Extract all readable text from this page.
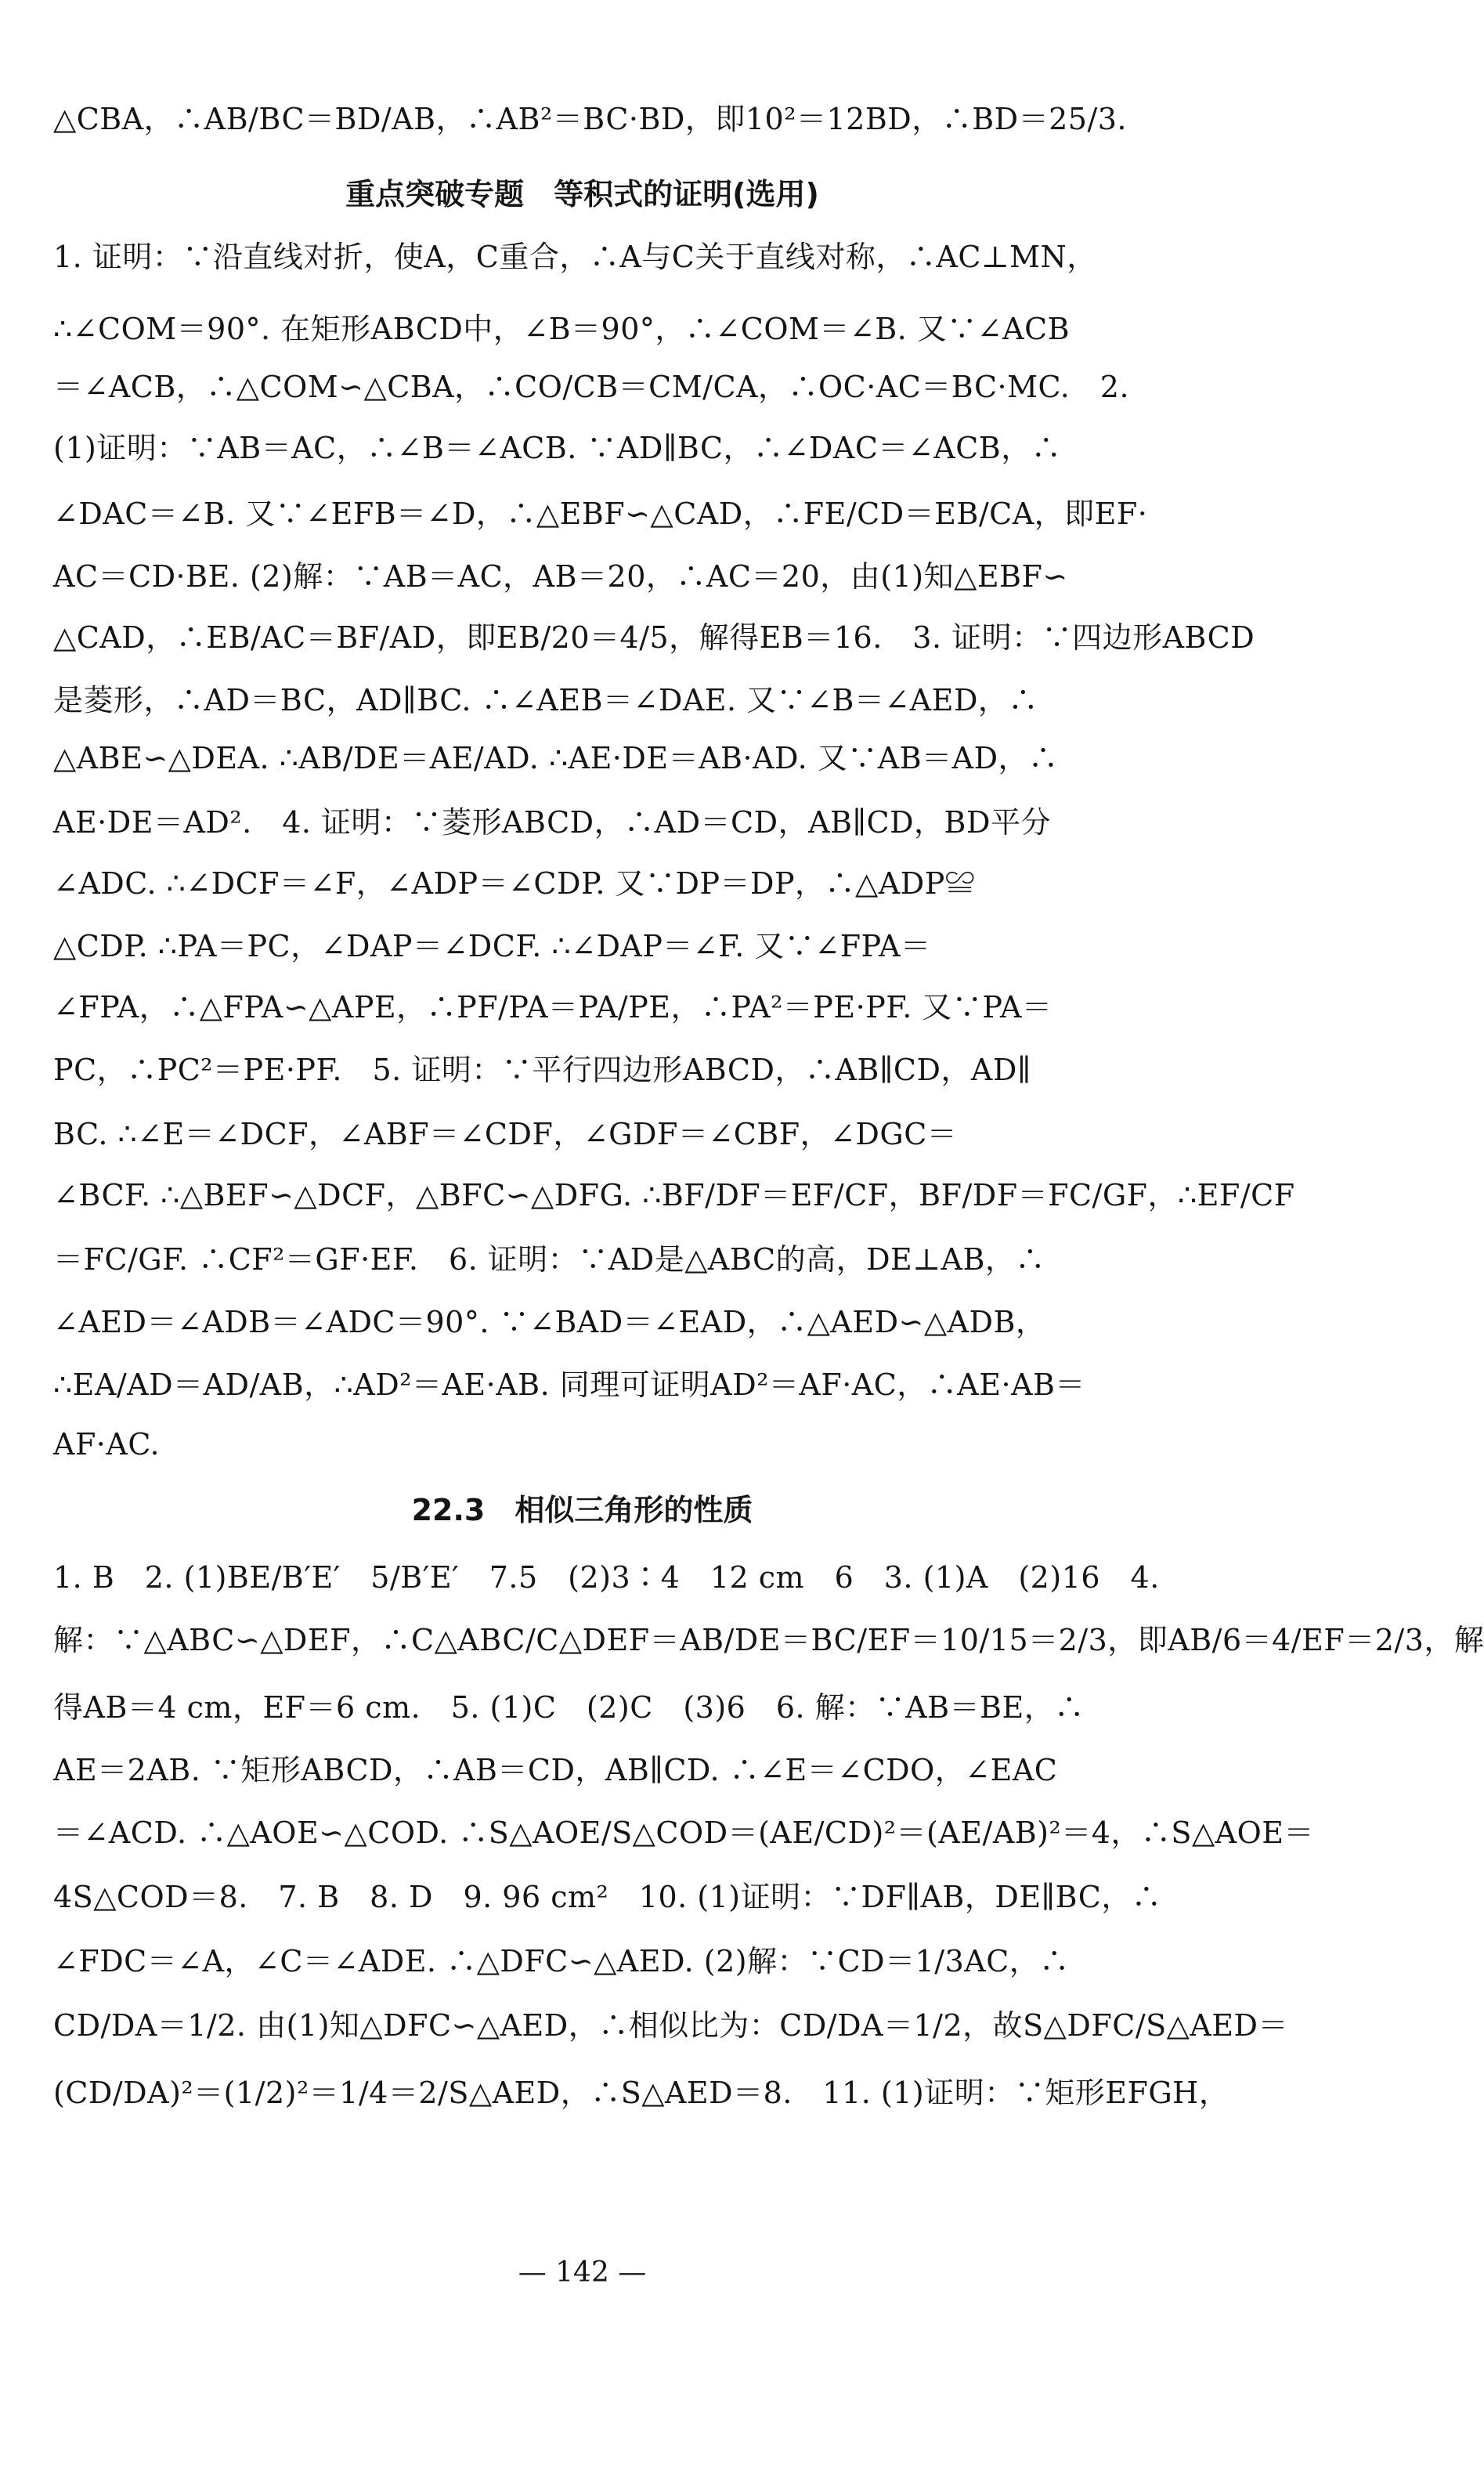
△CBA，∴AB/BC＝BD/AB，∴AB²＝BC·BD，即10²＝12BD，∴BD＝25/3.
重点突破专题　等积式的证明(选用)
1. 证明：∵沿直线对折，使A，C重合，∴A与C关于直线对称，∴AC⊥MN，
∴∠COM＝90°. 在矩形ABCD中，∠B＝90°，∴∠COM＝∠B. 又∵∠ACB
＝∠ACB，∴△COM∽△CBA，∴CO/CB＝CM/CA，∴OC·AC＝BC·MC.　2.
(1)证明：∵AB＝AC，∴∠B＝∠ACB. ∵AD∥BC，∴∠DAC＝∠ACB，∴
∠DAC＝∠B. 又∵∠EFB＝∠D，∴△EBF∽△CAD，∴FE/CD＝EB/CA，即EF·
AC＝CD·BE. (2)解：∵AB＝AC，AB＝20，∴AC＝20，由(1)知△EBF∽
△CAD，∴EB/AC＝BF/AD，即EB/20＝4/5，解得EB＝16.　3. 证明：∵四边形ABCD
是菱形，∴AD＝BC，AD∥BC. ∴∠AEB＝∠DAE. 又∵∠B＝∠AED，∴
△ABE∽△DEA. ∴AB/DE＝AE/AD. ∴AE·DE＝AB·AD. 又∵AB＝AD，∴
AE·DE＝AD².　4. 证明：∵菱形ABCD，∴AD＝CD，AB∥CD，BD平分
∠ADC. ∴∠DCF＝∠F，∠ADP＝∠CDP. 又∵DP＝DP，∴△ADP≌
△CDP. ∴PA＝PC，∠DAP＝∠DCF. ∴∠DAP＝∠F. 又∵∠FPA＝
∠FPA，∴△FPA∽△APE，∴PF/PA＝PA/PE，∴PA²＝PE·PF. 又∵PA＝
PC，∴PC²＝PE·PF.　5. 证明：∵平行四边形ABCD，∴AB∥CD，AD∥
BC. ∴∠E＝∠DCF，∠ABF＝∠CDF，∠GDF＝∠CBF，∠DGC＝
∠BCF. ∴△BEF∽△DCF，△BFC∽△DFG. ∴BF/DF＝EF/CF，BF/DF＝FC/GF，∴EF/CF
＝FC/GF. ∴CF²＝GF·EF.　6. 证明：∵AD是△ABC的高，DE⊥AB，∴
∠AED＝∠ADB＝∠ADC＝90°. ∵∠BAD＝∠EAD，∴△AED∽△ADB，
∴EA/AD＝AD/AB，∴AD²＝AE·AB. 同理可证明AD²＝AF·AC，∴AE·AB＝
AF·AC.
22.3　相似三角形的性质
1. B　2. (1)BE/B′E′　5/B′E′　7.5　(2)3∶4　12 cm　6　3. (1)A　(2)16　4.
解：∵△ABC∽△DEF，∴C△ABC/C△DEF＝AB/DE＝BC/EF＝10/15＝2/3，即AB/6＝4/EF＝2/3，解
得AB＝4 cm，EF＝6 cm.　5. (1)C　(2)C　(3)6　6. 解：∵AB＝BE，∴
AE＝2AB. ∵矩形ABCD，∴AB＝CD，AB∥CD. ∴∠E＝∠CDO，∠EAC
＝∠ACD. ∴△AOE∽△COD. ∴S△AOE/S△COD＝(AE/CD)²＝(AE/AB)²＝4，∴S△AOE＝
4S△COD＝8.　7. B　8. D　9. 96 cm²　10. (1)证明：∵DF∥AB，DE∥BC，∴
∠FDC＝∠A，∠C＝∠ADE. ∴△DFC∽△AED. (2)解：∵CD＝1/3AC，∴
CD/DA＝1/2. 由(1)知△DFC∽△AED，∴相似比为：CD/DA＝1/2，故S△DFC/S△AED＝
(CD/DA)²＝(1/2)²＝1/4＝2/S△AED，∴S△AED＝8.　11. (1)证明：∵矩形EFGH，
— 142 —
